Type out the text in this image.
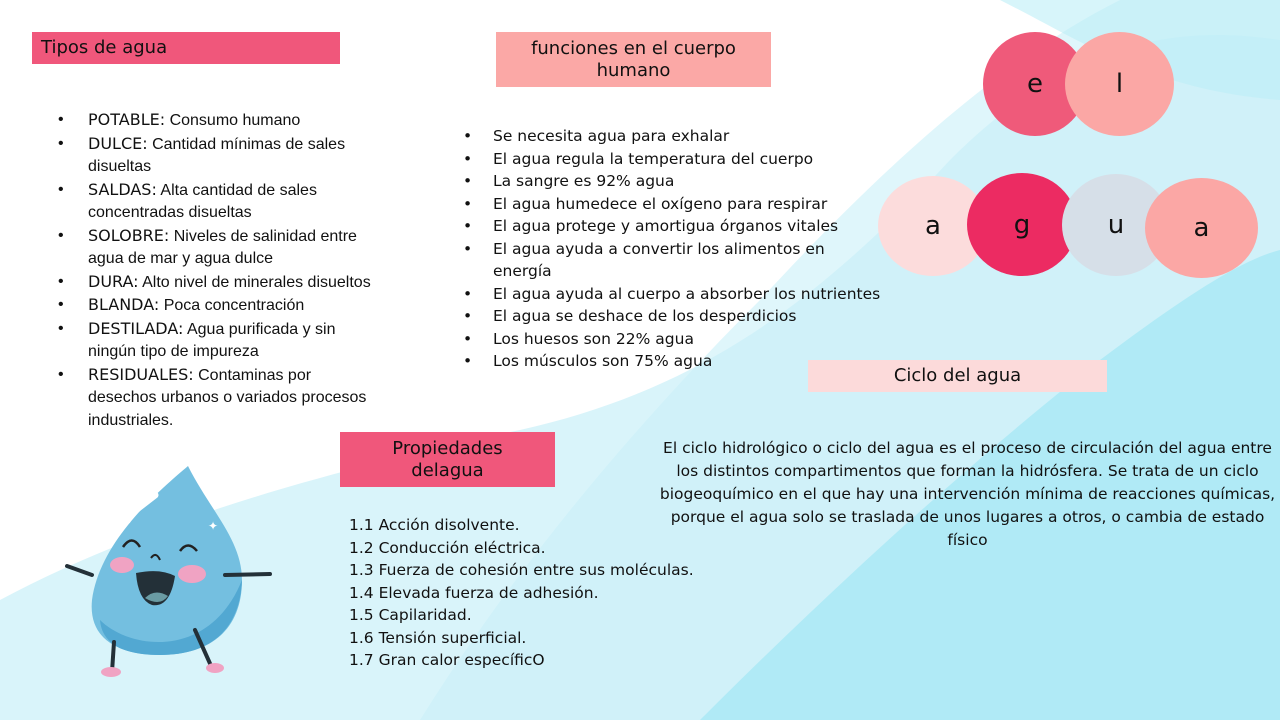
Tipos de agua
• POTABLE: Consumo humano
• DULCE: Cantidad mínimas de sales disueltas
• SALDAS: Alta cantidad de sales concentradas disueltas
• SOLOBRE: Niveles de salinidad entre agua de mar y agua dulce
• DURA: Alto nivel de minerales disueltos
• BLANDA: Poca concentración
• DESTILADA: Agua purificada y sin ningún tipo de impureza
• RESIDUALES: Contaminas por desechos urbanos o variados procesos industriales.
funciones en el cuerpo humano
• Se necesita agua para exhalar
• El agua regula la temperatura del cuerpo
• La sangre es 92% agua
• El agua humedece el oxígeno para respirar
• El agua protege y amortigua órganos vitales
• El agua ayuda a convertir los alimentos en energía
• El agua ayuda al cuerpo a absorber los nutrientes
• El agua se deshace de los desperdicios
• Los huesos son 22% agua
• Los músculos son 75% agua
e	l
a	g	u	a
Ciclo del agua
El ciclo hidrológico o ciclo del agua es el proceso de circulación del agua entre los distintos compartimentos que forman la hidrósfera. Se trata de un ciclo biogeoquímico en el que hay una intervención mínima de reacciones químicas, porque el agua solo se traslada de unos lugares a otros, o cambia de estado físico
Propiedades delagua
1.1 Acción disolvente.
1.2 Conducción eléctrica.
1.3 Fuerza de cohesión entre sus moléculas.
1.4 Elevada fuerza de adhesión.
1.5 Capilaridad.
1.6 Tensión superficial.
1.7 Gran calor específicO
✦
